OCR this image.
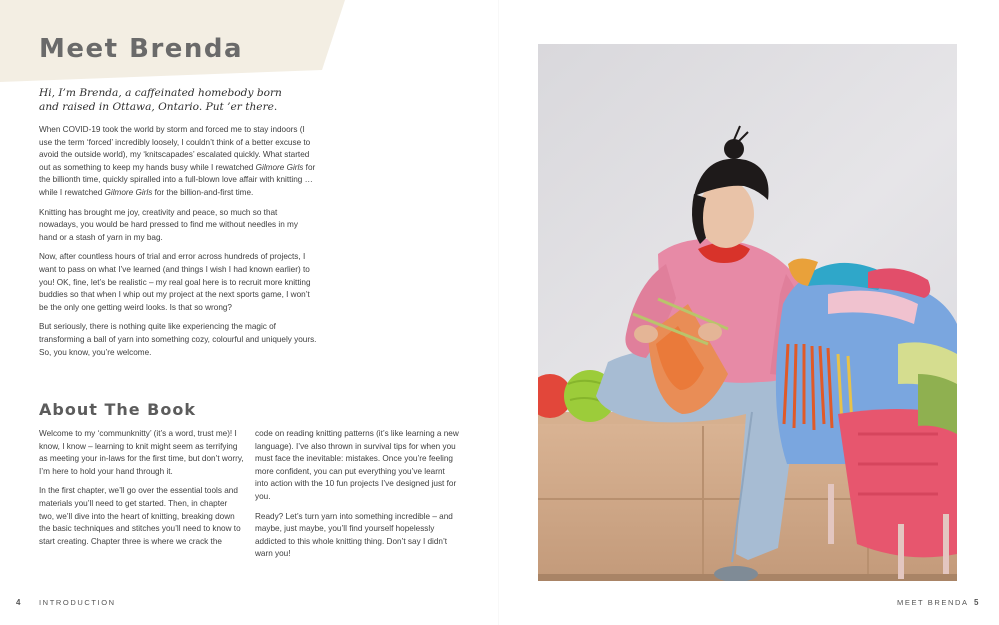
Meet Brenda

Hi, I’m Brenda, a caffeinated homebody born and raised in Ottawa, Ontario. Put ’er there.

When COVID-19 took the world by storm and forced me to stay indoors (I use the term ‘forced’ incredibly loosely, I couldn’t think of a better excuse to avoid the outside world), my ‘knitscapades’ escalated quickly. What started out as something to keep my hands busy while I rewatched Gilmore Girls for the billionth time, quickly spiralled into a full-blown love affair with knitting … while I rewatched Gilmore Girls for the billion-and-first time.

Knitting has brought me joy, creativity and peace, so much so that nowadays, you would be hard pressed to find me without needles in my hand or a stash of yarn in my bag.

Now, after countless hours of trial and error across hundreds of projects, I want to pass on what I’ve learned (and things I wish I had known earlier) to you! OK, fine, let’s be realistic – my real goal here is to recruit more knitting buddies so that when I whip out my project at the next sports game, I won’t be the only one getting weird looks. Is that so wrong?

But seriously, there is nothing quite like experiencing the magic of transforming a ball of yarn into something cozy, colourful and uniquely yours. So, you know, you’re welcome.

About The Book

Welcome to my ‘communknitty’ (it’s a word, trust me)! I know, I know – learning to knit might seem as terrifying as meeting your in-laws for the first time, but don’t worry, I’m here to hold your hand through it.

In the first chapter, we’ll go over the essential tools and materials you’ll need to get started. Then, in chapter two, we’ll dive into the heart of knitting, breaking down the basic techniques and stitches you’ll need to know to start creating. Chapter three is where we crack the

code on reading knitting patterns (it’s like learning a new language). I’ve also thrown in survival tips for when you must face the inevitable: mistakes. Once you’re feeling more confident, you can put everything you’ve learnt into action with the 10 fun projects I’ve designed just for you.

Ready? Let’s turn yarn into something incredible – and maybe, just maybe, you’ll find yourself hopelessly addicted to this whole knitting thing. Don’t say I didn’t warn you!

4 INTRODUCTION	MEET BRENDA 5
